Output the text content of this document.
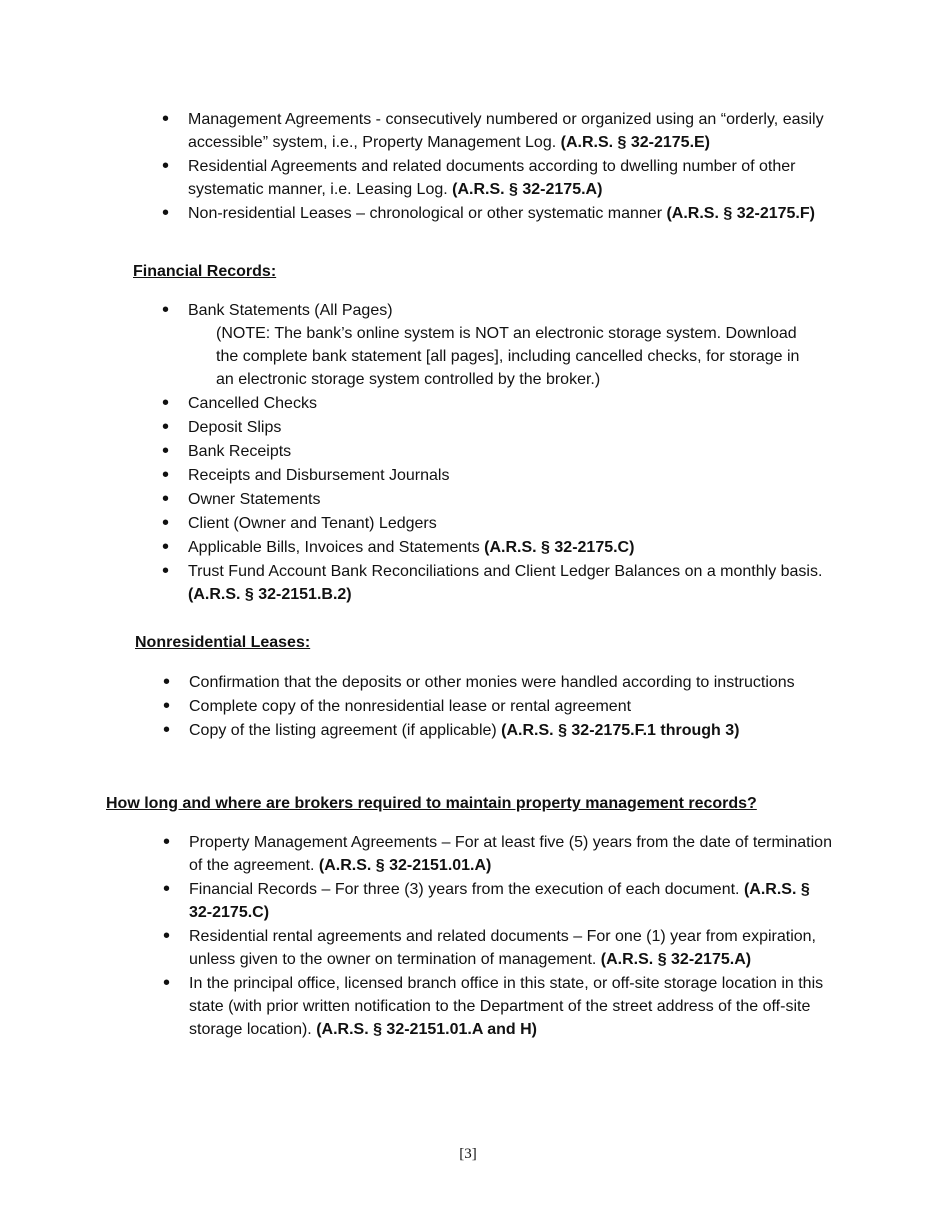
• Management Agreements - consecutively numbered or organized using an “orderly, easily accessible” system, i.e., Property Management Log. (A.R.S. § 32-2175.E)
• Residential Agreements and related documents according to dwelling number of other systematic manner, i.e. Leasing Log. (A.R.S. § 32-2175.A)
• Non-residential Leases – chronological or other systematic manner (A.R.S. § 32-2175.F)
Financial Records:
• Bank Statements (All Pages)
(NOTE: The bank’s online system is NOT an electronic storage system. Download the complete bank statement [all pages], including cancelled checks, for storage in an electronic storage system controlled by the broker.)
• Cancelled Checks
• Deposit Slips
• Bank Receipts
• Receipts and Disbursement Journals
• Owner Statements
• Client (Owner and Tenant) Ledgers
• Applicable Bills, Invoices and Statements (A.R.S. § 32-2175.C)
• Trust Fund Account Bank Reconciliations and Client Ledger Balances on a monthly basis. (A.R.S. § 32-2151.B.2)
Nonresidential Leases:
• Confirmation that the deposits or other monies were handled according to instructions
• Complete copy of the nonresidential lease or rental agreement
• Copy of the listing agreement (if applicable) (A.R.S. § 32-2175.F.1 through 3)
How long and where are brokers required to maintain property management records?
• Property Management Agreements – For at least five (5) years from the date of termination of the agreement. (A.R.S. § 32-2151.01.A)
• Financial Records – For three (3) years from the execution of each document. (A.R.S. § 32-2175.C)
• Residential rental agreements and related documents – For one (1) year from expiration, unless given to the owner on termination of management. (A.R.S. § 32-2175.A)
• In the principal office, licensed branch office in this state, or off-site storage location in this state (with prior written notification to the Department of the street address of the off-site storage location). (A.R.S. § 32-2151.01.A and H)
[3]
